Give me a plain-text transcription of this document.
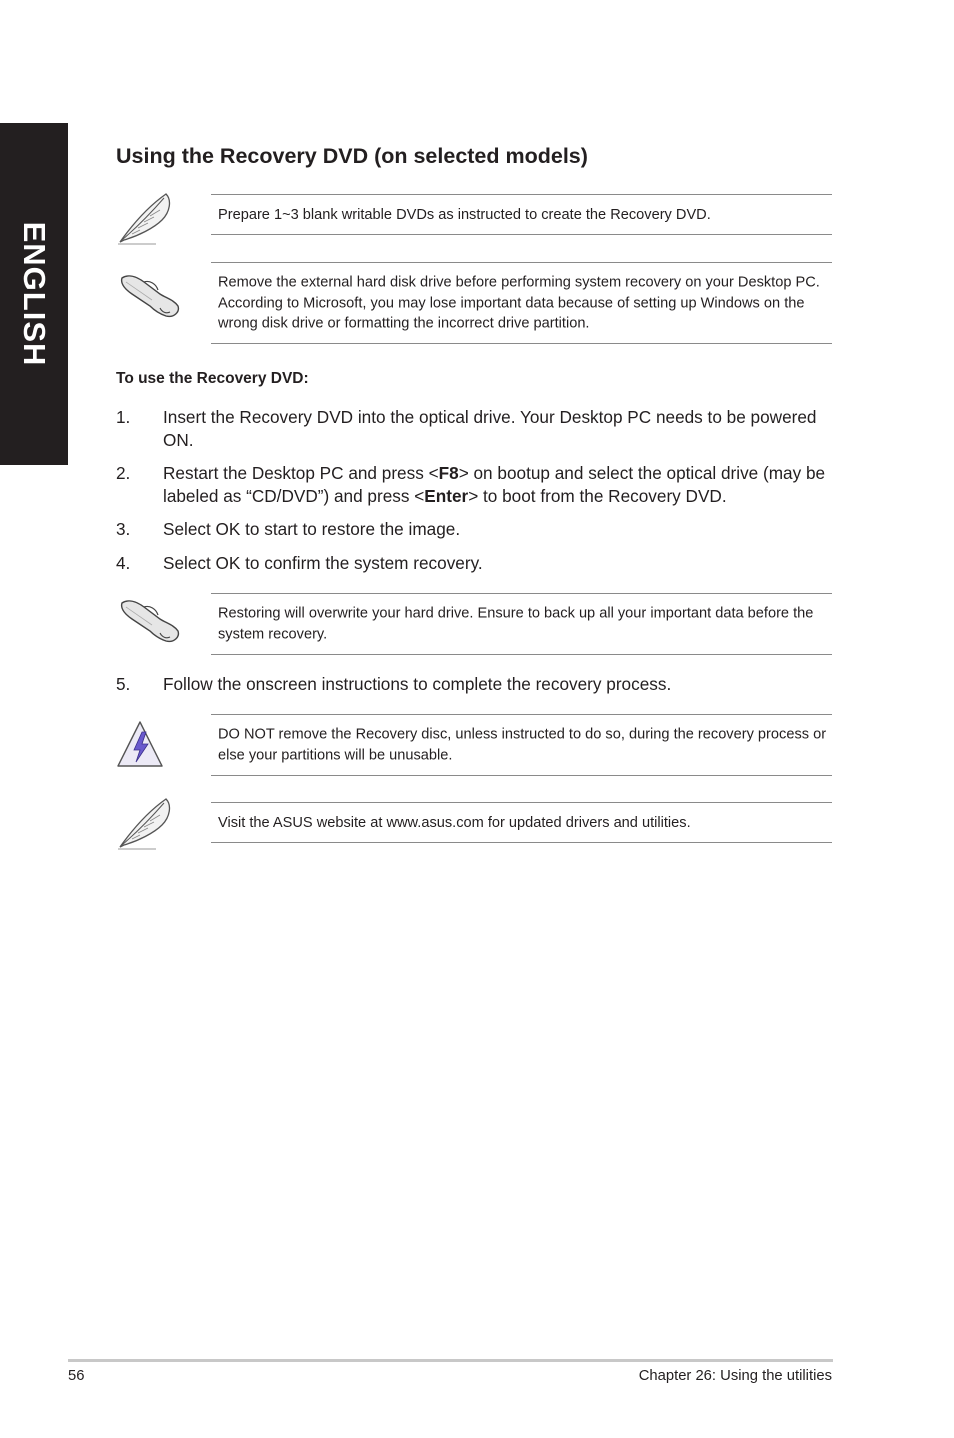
ENGLISH
Using the Recovery DVD (on selected models)

Prepare 1~3 blank writable DVDs as instructed to create the Recovery DVD.

Remove the external hard disk drive before performing system recovery on your Desktop PC. According to Microsoft, you may lose important data because of setting up Windows on the wrong disk drive or formatting the incorrect drive partition.

To use the Recovery DVD:

1.	Insert the Recovery DVD into the optical drive. Your Desktop PC needs to be powered ON.
2.	Restart the Desktop PC and press <F8> on bootup and select the optical drive (may be labeled as “CD/DVD”) and press <Enter> to boot from the Recovery DVD.
3.	Select OK to start to restore the image.
4.	Select OK to confirm the system recovery.

Restoring will overwrite your hard drive. Ensure to back up all your important data before the system recovery.

5.	Follow the onscreen instructions to complete the recovery process.

DO NOT remove the Recovery disc, unless instructed to do so, during the recovery process or else your partitions will be unusable.

Visit the ASUS website at www.asus.com for updated drivers and utilities.

56	Chapter 26: Using the utilities
